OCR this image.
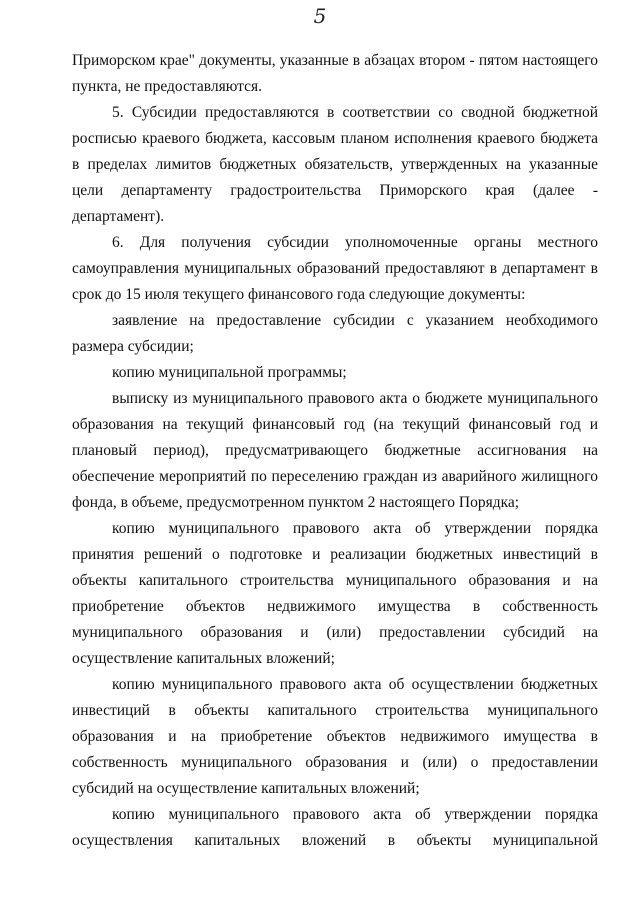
5

Приморском крае" документы, указанные в абзацах втором - пятом настоящего пункта, не предоставляются.

5. Субсидии предоставляются в соответствии со сводной бюджетной росписью краевого бюджета, кассовым планом исполнения краевого бюджета в пределах лимитов бюджетных обязательств, утвержденных на указанные цели департаменту градостроительства Приморского края (далее - департамент).

6. Для получения субсидии уполномоченные органы местного самоуправления муниципальных образований предоставляют в департамент в срок до 15 июля текущего финансового года следующие документы:

заявление на предоставление субсидии с указанием необходимого размера субсидии;

копию муниципальной программы;

выписку из муниципального правового акта о бюджете муниципального образования на текущий финансовый год (на текущий финансовый год и плановый период), предусматривающего бюджетные ассигнования на обеспечение мероприятий по переселению граждан из аварийного жилищного фонда, в объеме, предусмотренном пунктом 2 настоящего Порядка;

копию муниципального правового акта об утверждении порядка принятия решений о подготовке и реализации бюджетных инвестиций в объекты капитального строительства муниципального образования и на приобретение объектов недвижимого имущества в собственность муниципального образования и (или) предоставлении субсидий на осуществление капитальных вложений;

копию муниципального правового акта об осуществлении бюджетных инвестиций в объекты капитального строительства муниципального образования и на приобретение объектов недвижимого имущества в собственность муниципального образования и (или) о предоставлении субсидий на осуществление капитальных вложений;

копию муниципального правового акта об утверждении порядка осуществления капитальных вложений в объекты муниципальной
